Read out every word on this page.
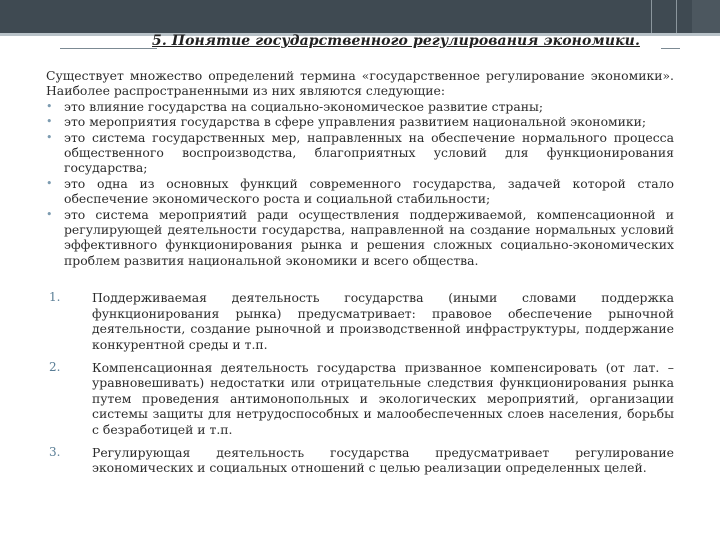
5. Понятие государственного регулирования экономики.

Существует множество определений термина «государственное регулирование экономики». Наиболее распространенными из них являются следующие:

• это влияние государства на социально-экономическое развитие страны;
• это мероприятия государства в сфере управления развитием национальной экономики;
• это система государственных мер, направленных на обеспечение нормального процесса общественного воспроизводства, благоприятных условий для функционирования государства;
• это одна из основных функций современного государства, задачей которой стало обеспечение экономического роста и социальной стабильности;
• это система мероприятий ради осуществления поддерживаемой, компенсационной и регулирующей деятельности государства, направленной на создание нормальных условий эффективного функционирования рынка и решения сложных социально-экономических проблем развития национальной экономики и всего общества.
1.	Поддерживаемая деятельность государства (иными словами поддержка функционирования рынка) предусматривает: правовое обеспечение рыночной деятельности, создание рыночной и производственной инфраструктуры, поддержание конкурентной среды и т.п.
2.	Компенсационная деятельность государства призванное компенсировать (от лат. – уравновешивать) недостатки или отрицательные следствия функционирования рынка путем проведения антимонопольных и экологических мероприятий, организации системы защиты для нетрудоспособных и малообеспеченных слоев населения, борьбы с безработицей и т.п.
3.	Регулирующая деятельность государства предусматривает регулирование экономических и социальных отношений с целью реализации определенных целей.
